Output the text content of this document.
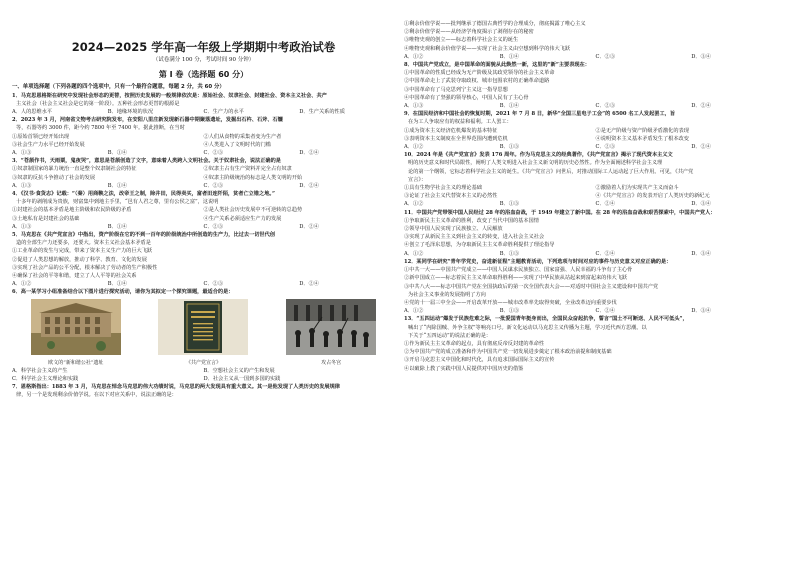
2024—2025 学年高一年级上学期期中考政治试卷
（试卷满分 100 分，考试时间 90 分钟）
第 Ⅰ 卷（选择题 60 分）
一、单项选择题（下列各题的四个选项中，只有一个最符合题意，每题 2 分，共 60 分）
1．马克思恩格斯在研究中发现社会形态的更替，按照历史发展的一般规律依次是：原始社会、奴隶社会、封建社会、资本主义社会、共产
主义社会（社会主义社会是它的第一阶段）。五种社会形态更替的根源是
A．人的思维水平	B．地缘环境的状况	C．生产力的水平	D．生产关系的性质
2．2023 年 3 月，河南省文物考古研究院发布，在安阳八里庄新发现新石器中期聚落遗址，发掘出石杵、石斧、石镰
等，石器等约 3000 件，距今约 7800 年至 7400 年。据此推断，在当时
①原始首领已经开始出现	②人们从食物的采集者变为生产者
③社会生产力水平已经开始发展	④人类进入了文明时代的门槛
A．①③	B．①④	C．②③	D．②④
3．“苍颉作书，天雨粟，鬼夜哭”，意思是苍颉创造了文字，意味着人类跨入文明社会。关于奴隶社会，说法正确的是
①奴隶制国家的暴力统治一直是整个奴隶制社会的特征	②奴隶主占有生产资料并完全占有奴隶
③奴隶的反抗斗争推动了社会的发展	④奴隶主阶级统治的标志是人类文明的开始
A．①③	B．①④	C．②③	D．②④
4．《汉书·食货志》记载：“（秦）用商鞅之法，改帝王之制，除井田，民得卖买，富者田连阡陌，贫者亡立锥之地。”
十多年的剥削成为贵族，财富集中到地主手里，“邑有人君之尊，里有公侯之富”，这说明
①封建社会的基本矛盾是地主阶级和农民阶级的矛盾	②是人类社会历史发展中不可逆转的总趋势
③土地私有是封建社会的基础	④生产关系必须适应生产力的发展
A．①③	B．①④	C．②③	D．②④
5．马克思在《共产党宣言》中指出，资产阶级在它的不到一百年的阶级统治中所创造的生产力，比过去一切世代创
造的全部生产力还要多，还要大。资本主义社会基本矛盾是
①工业革命的发生与完成，带来了资本主义生产力的巨大飞跃
②促进了人类思想的解放，推动了科学、教育、文化的发展
③实现了社会产品的公平分配，根本解决了劳动者的生产积极性
④确保了社会的平等和谐，建立了人人平等的社会关系
A．①②	B．①④	C．②③	D．②④
6．高一某学习小组准备结合以下图片进行探究活动，请你为其拟定一个探究课题，最适合的是：
欧文的“新和谐公社”遗址	《共产党宣言》	攻占冬宫
A．科学社会主义的产生	B．空想社会主义的产生和发展
C．科学社会主义理论和实践	D．社会主义从一国到多国的实践
7．恩格斯指出：1883 年 3 月，马克思在悼念马克思的伟大功绩时说，马克思的两大发现具有重大意义。其一是他发现了人类历史的发展规律
律，另一个是发现剩余价值学说。在以下对应关系中，说法正确的是：
①剩余价值学说——批判继承了德国古典哲学的合理成分，彻底揭露了唯心主义
②剩余价值学说——从经济学角度揭示了剥削存在的秘密
③唯物史观的创立——标志着科学社会主义的诞生
④唯物史观和剩余价值学说——实现了社会主义由空想到科学的伟大飞跃
A．①②	B．①④	C．②③	D．③④
8．中国共产党成立，是中国革命的面貌从此焕然一新，这里的“新”主要表现在：
①中国革命的性质已经成为无产阶级及其政党领导的社会主义革命
②中国革命走上了武装夺取政权、城市包围农村的正确革命道路
③中国革命有了马克思列宁主义这一指导思想
④中国革命有了坚强的领导核心，中国人民有了主心骨
A．①③	B．①④	C．②③	D．②④
9．在国民经济和中国社会的恢复时期，2021 年 7 月 8 日，新华“全国三星电子工会”的 6500 名工人发起罢工，旨
在为工人争取应有的权益和福利。工人罢工：
①成为资本主义经济危机爆发的基本特征	②是无产阶级与资产阶级矛盾激化的表现
③表明资本主义制度在全世界范围内遭到危机	④说明资本主义基本矛盾发生了根本改变
A．①②	B．①③	C．②③	D．②④
10．2024 年是《共产党宣言》发表 176 周年。作为马克思主义的经典著作，《共产党宣言》揭示了现代资本主义文
明的历史意义和时代局限性，阐明了人类文明进入社会主义新文明的历史必然性。作为全面阐述科学社会主义理
论的第一个纲领，它标志着科学社会主义的诞生。《共产党宣言》问世后，对推动国际工人运动起了巨大作用。可见，《共产党
宣言》：
①具有生物学社会主义的理论基础	②激励着人们为实现共产主义而奋斗
③论证了社会主义代替资本主义的必然性	④《共产党宣言》的发表开启了人类历史的新纪元
A．①②	B．①③	C．②④	D．③④
11．中国共产党带领中国人民经过 28 年的浴血奋战，于 1949 年建立了新中国。在 28 年的浴血奋战和艰苦探索中，中国共产党人：
①争取新民主主义革命的胜利，改变了当代中国的基本国情
②领导中国人民实现了民族独立、人民解放
③实现了从新民主主义到社会主义的转变，进入社会主义社会
④创立了毛泽东思想，为夺取新民主主义革命胜利提供了理论指导
A．①②	B．①③	C．②④	D．③④
12．某同学在研究“青年学党史，奋进新征程”主题教育活动，下列选项与时间对应的事件与历史意义对应正确的是：
①中共一大——中国共产党成立——中国人民谋求民族独立、国家富强、人民幸福的斗争有了主心骨
②新中国成立——标志着民主主义革命取得胜利——实现了中华民族从站起来到富起来的伟大飞跃
③中共八大——标志中国共产党在全国执政后的第一次全国代表大会——对适时中国社会主义建设和中国共产党
为社会主义事业的发展指明了方向
④党的十一届三中全会——开启改革开放——城市改革率先取得突破，全业改革迈向重要步伐
A．①②	B．①③	C．②④	D．③④
13．“五四运动”爆发于民族危难之际，一批爱国青年挺身而出，全国民众奋起抗争，誓言“国土不可断送、人民不可低头”，
喊出了“内除国贼、外争主权”等响亮口号。新文化运动以马克思主义传播为主题，学习近代西方思潮。以
下关于“五四运动”的说法正确的是：
①作为新民主主义革命的起点，具有彻底反帝反封建的革命性
②为中国共产党的成立准备和作为中国共产党一切发展进步奠定了根本政治前提和制度基础
③开启马克思主义中国化和时代化，具有追求国际国际主义的宣传
④以破除上教了实践中国人民提供对中国历史的借鉴
